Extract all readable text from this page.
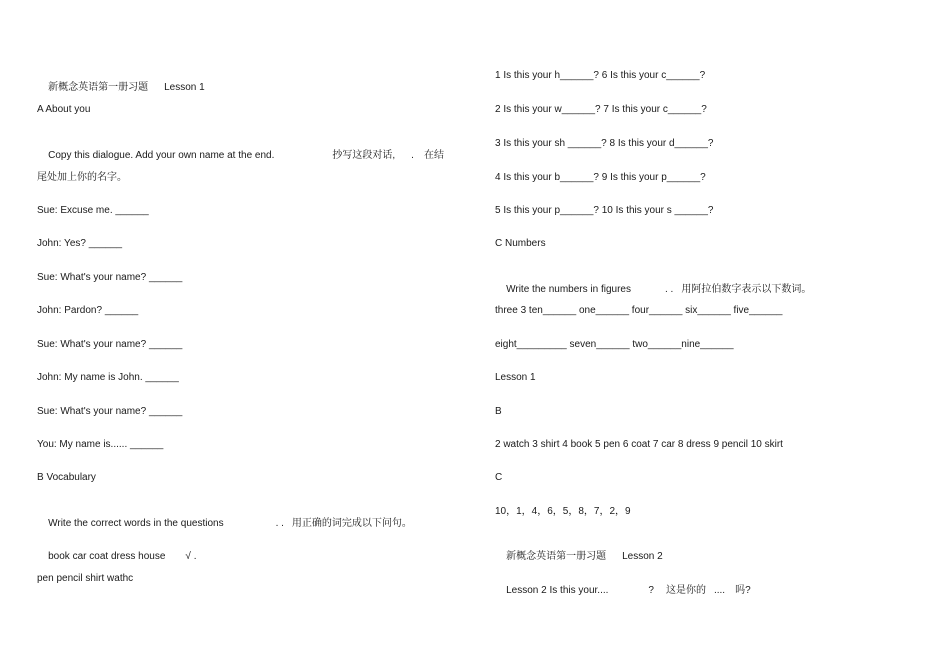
新概念英语第一册习题 Lesson 1

A About you

Copy this dialogue. Add your own name at the end.	抄写这段对话, . 在结

尾处加上你的名字。
Sue: Excuse me. ______
John: Yes? ______
Sue: What's your name? ______
John: Pardon? ______
Sue: What's your name? ______
John: My name is John. ______
Sue: What's your name? ______
You: My name is...... ______
B Vocabulary

Write the correct words in the questions	. . 用正确的词完成以下问句。

book car coat dress house √ .

pen pencil shirt wathc
1 Is this your h______? 6 Is this your c______?
2 Is this your w______? 7 Is this your c______?
3 Is this your sh ______? 8 Is this your d______?
4 Is this your b______? 9 Is this your p______?
5 Is this your p______? 10 Is this your s ______?
C Numbers

Write the numbers in figures	. . 用阿拉伯数字表示以下数词。

three 3 ten______ one______ four______ six______ five______
eight_________ seven______ two______nine______
Lesson 1
B
2 watch 3 shirt 4 book 5 pen 6 coat 7 car 8 dress 9 pencil 10 skirt
C
10，1，4，6，5，8，7，2，9

新概念英语第一册习题 Lesson 2

Lesson 2 Is this your....	? 这是你的 .... 吗?
